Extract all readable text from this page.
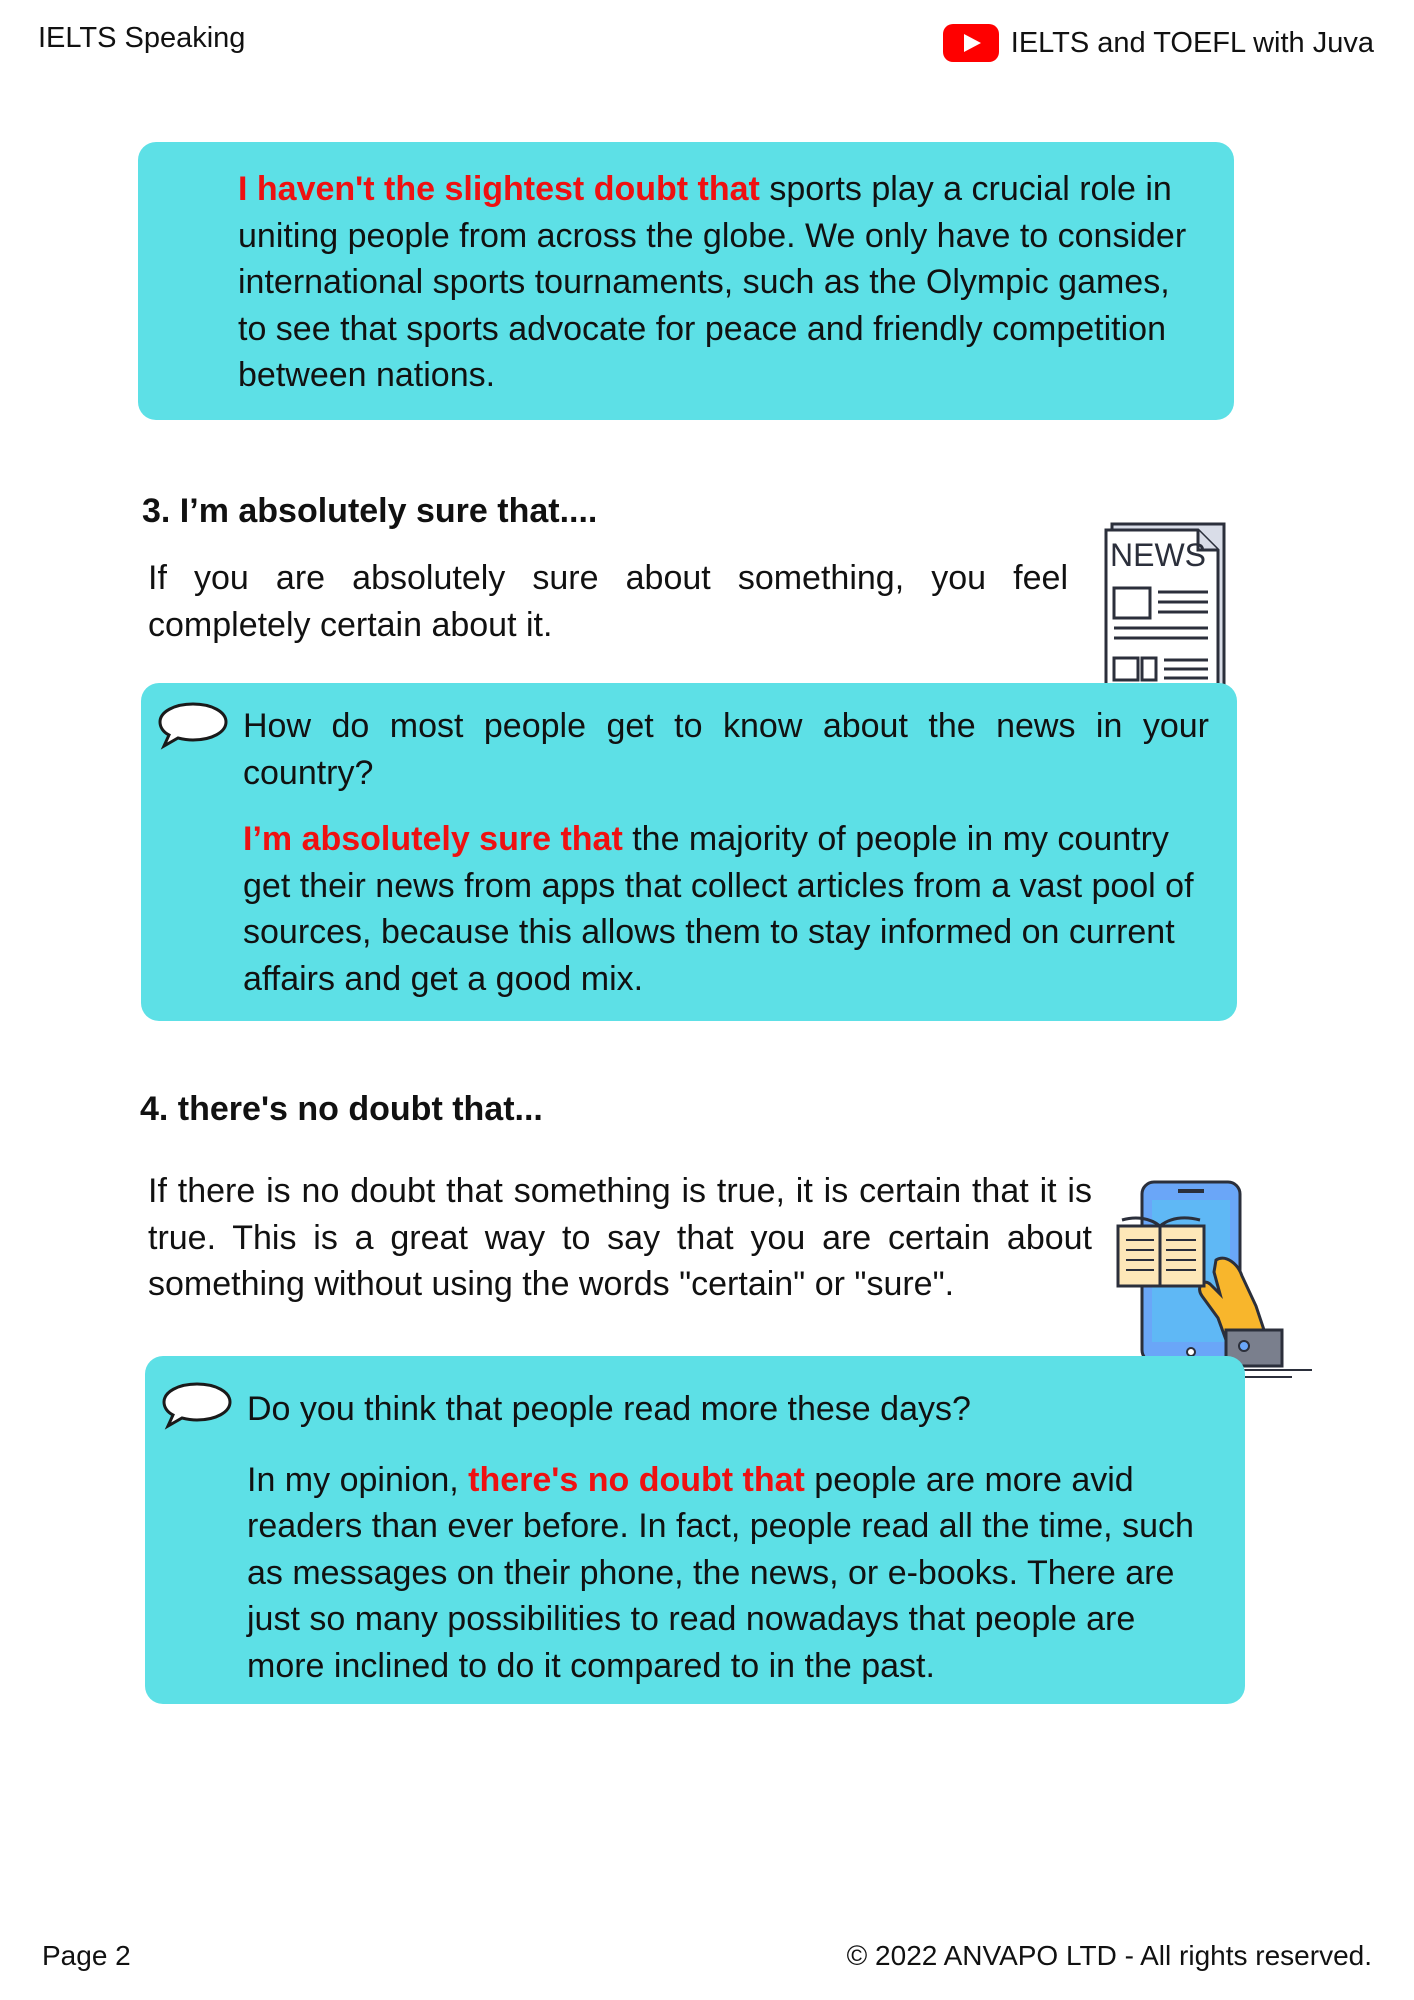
IELTS Speaking	IELTS and TOEFL with Juva

I haven't the slightest doubt that sports play a crucial role in uniting people from across the globe. We only have to consider international sports tournaments, such as the Olympic games, to see that sports advocate for peace and friendly competition between nations.

3. I’m absolutely sure that....

If you are absolutely sure about something, you feel completely certain about it.

NEWS

How do most people get to know about the news in your country?

I’m absolutely sure that the majority of people in my country get their news from apps that collect articles from a vast pool of sources, because this allows them to stay informed on current affairs and get a good mix.

4. there's no doubt that...

If there is no doubt that something is true, it is certain that it is true. This is a great way to say that you are certain about something without using the words "certain" or "sure".

Do you think that people read more these days?

In my opinion, there's no doubt that people are more avid readers than ever before. In fact, people read all the time, such as messages on their phone, the news, or e-books. There are just so many possibilities to read nowadays that people are more inclined to do it compared to in the past.

Page 2	© 2022 ANVAPO LTD - All rights reserved.
